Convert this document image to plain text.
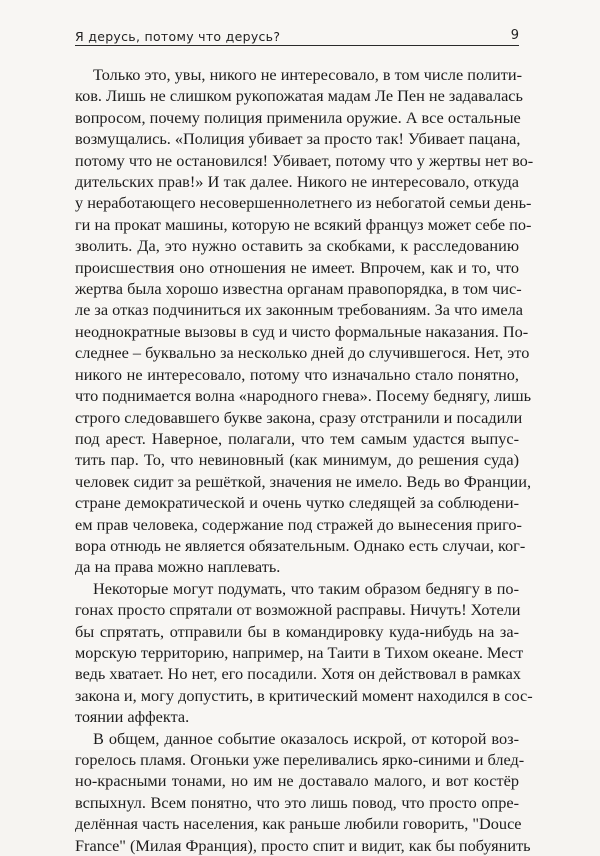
Я дерусь, потому что дерусь?	9
Только это, увы, никого не интересовало, в том числе полити-
ков. Лишь не слишком рукопожатая мадам Ле Пен не задавалась
вопросом, почему полиция применила оружие. А все остальные
возмущались. «Полиция убивает за просто так! Убивает пацана,
потому что не остановился! Убивает, потому что у жертвы нет во-
дительских прав!» И так далее. Никого не интересовало, откуда
у неработающего несовершеннолетнего из небогатой семьи день-
ги на прокат машины, которую не всякий француз может себе по-
зволить. Да, это нужно оставить за скобками, к расследованию
происшествия оно отношения не имеет. Впрочем, как и то, что
жертва была хорошо известна органам правопорядка, в том чис-
ле за отказ подчиниться их законным требованиям. За что имела
неоднократные вызовы в суд и чисто формальные наказания. По-
следнее – буквально за несколько дней до случившегося. Нет, это
никого не интересовало, потому что изначально стало понятно,
что поднимается волна «народного гнева». Посему беднягу, лишь
строго следовавшего букве закона, сразу отстранили и посадили
под арест. Наверное, полагали, что тем самым удастся выпус-
тить пар. То, что невиновный (как минимум, до решения суда)
человек сидит за решёткой, значения не имело. Ведь во Франции,
стране демократической и очень чутко следящей за соблюдени-
ем прав человека, содержание под стражей до вынесения приго-
вора отнюдь не является обязательным. Однако есть случаи, ког-
да на права можно наплевать.
Некоторые могут подумать, что таким образом беднягу в по-
гонах просто спрятали от возможной расправы. Ничуть! Хотели
бы спрятать, отправили бы в командировку куда-нибудь на за-
морскую территорию, например, на Таити в Тихом океане. Мест
ведь хватает. Но нет, его посадили. Хотя он действовал в рамках
закона и, могу допустить, в критический момент находился в сос-
тоянии аффекта.
В общем, данное событие оказалось искрой, от которой воз-
горелось пламя. Огоньки уже переливались ярко-синими и блед-
но-красными тонами, но им не доставало малого, и вот костёр
вспыхнул. Всем понятно, что это лишь повод, что просто опре-
делённая часть населения, как раньше любили говорить, "Douce
France" (Милая Франция), просто спит и видит, как бы побуянить
